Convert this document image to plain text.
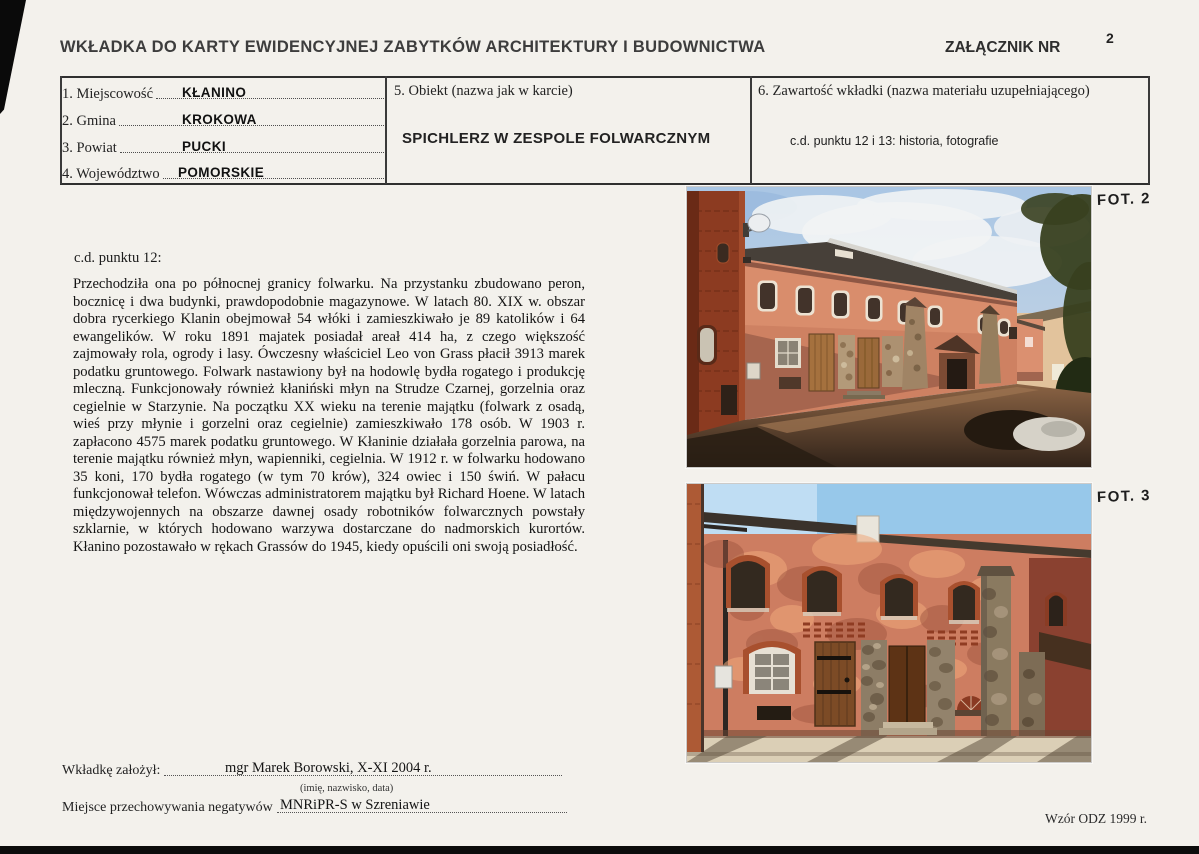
WKŁADKA DO KARTY EWIDENCYJNEJ ZABYTKÓW ARCHITEKTURY I BUDOWNICTWA	ZAŁĄCZNIK NR
2
1. Miejscowość KŁANINO
2. Gmina	KROKOWA
3. Powiat	PUCKI
4. Województwo POMORSKIE
5. Obiekt (nazwa jak w karcie)
SPICHLERZ W ZESPOLE FOLWARCZNYM
6. Zawartość wkładki (nazwa materiału uzupełniającego)
c.d. punktu 12 i 13: historia, fotografie
c.d. punktu 12:
Przechodziła ona po północnej granicy folwarku. Na przystanku zbudowano peron, bocznicę i dwa budynki, prawdopodobnie magazynowe. W latach 80. XIX w. obszar dobra rycerkiego Klanin obejmował 54 włóki i zamieszkiwało je 89 katolików i 64 ewangelików. W roku 1891 majatek posiadał areał 414 ha, z czego większość zajmowały rola, ogrody i lasy. Ówczesny właściciel Leo von Grass płacił 3913 marek podatku gruntowego. Folwark nastawiony był na hodowlę bydła rogatego i produkcję mleczną. Funkcjonowały również kłaniński młyn na Strudze Czarnej, gorzelnia oraz cegielnie w Starzynie. Na początku XX wieku na terenie majątku (folwark z osadą, wieś przy młynie i gorzelni oraz cegielnie) zamieszkiwało 178 osób. W 1903 r. zapłacono 4575 marek podatku gruntowego. W Kłaninie działała gorzelnia parowa, na terenie majątku również młyn, wapienniki, cegielnia. W 1912 r. w folwarku hodowano 35 koni, 170 bydła rogatego (w tym 70 krów), 324 owiec i 150 świń. W pałacu funkcjonował telefon. Wówczas administratorem majątku był Richard Hoene. W latach międzywojennych na obszarze dawnej osady robotników folwarcznych powstały szklarnie, w których hodowano warzywa dostarczane do nadmorskich kurortów. Kłanino pozostawało w rękach Grassów do 1945, kiedy opuścili oni swoją posiadłość.
FOT. 2
FOT. 3
Wkładkę założył:	mgr Marek Borowski, X-XI 2004 r.
(imię, nazwisko, data)
Miejsce przechowywania negatywów MNRiPR-S w Szreniawie
Wzór ODZ 1999 r.
